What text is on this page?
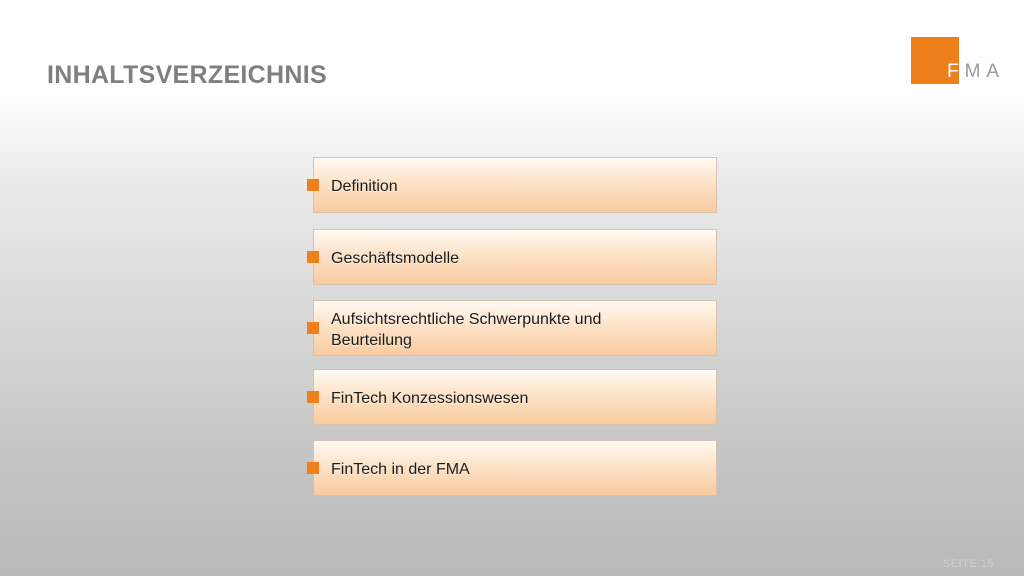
INHALTSVERZEICHNIS	FMA
Definition
Geschäftsmodelle
Aufsichtsrechtliche Schwerpunkte und Beurteilung
FinTech Konzessionswesen
FinTech in der FMA
SEITE 15
